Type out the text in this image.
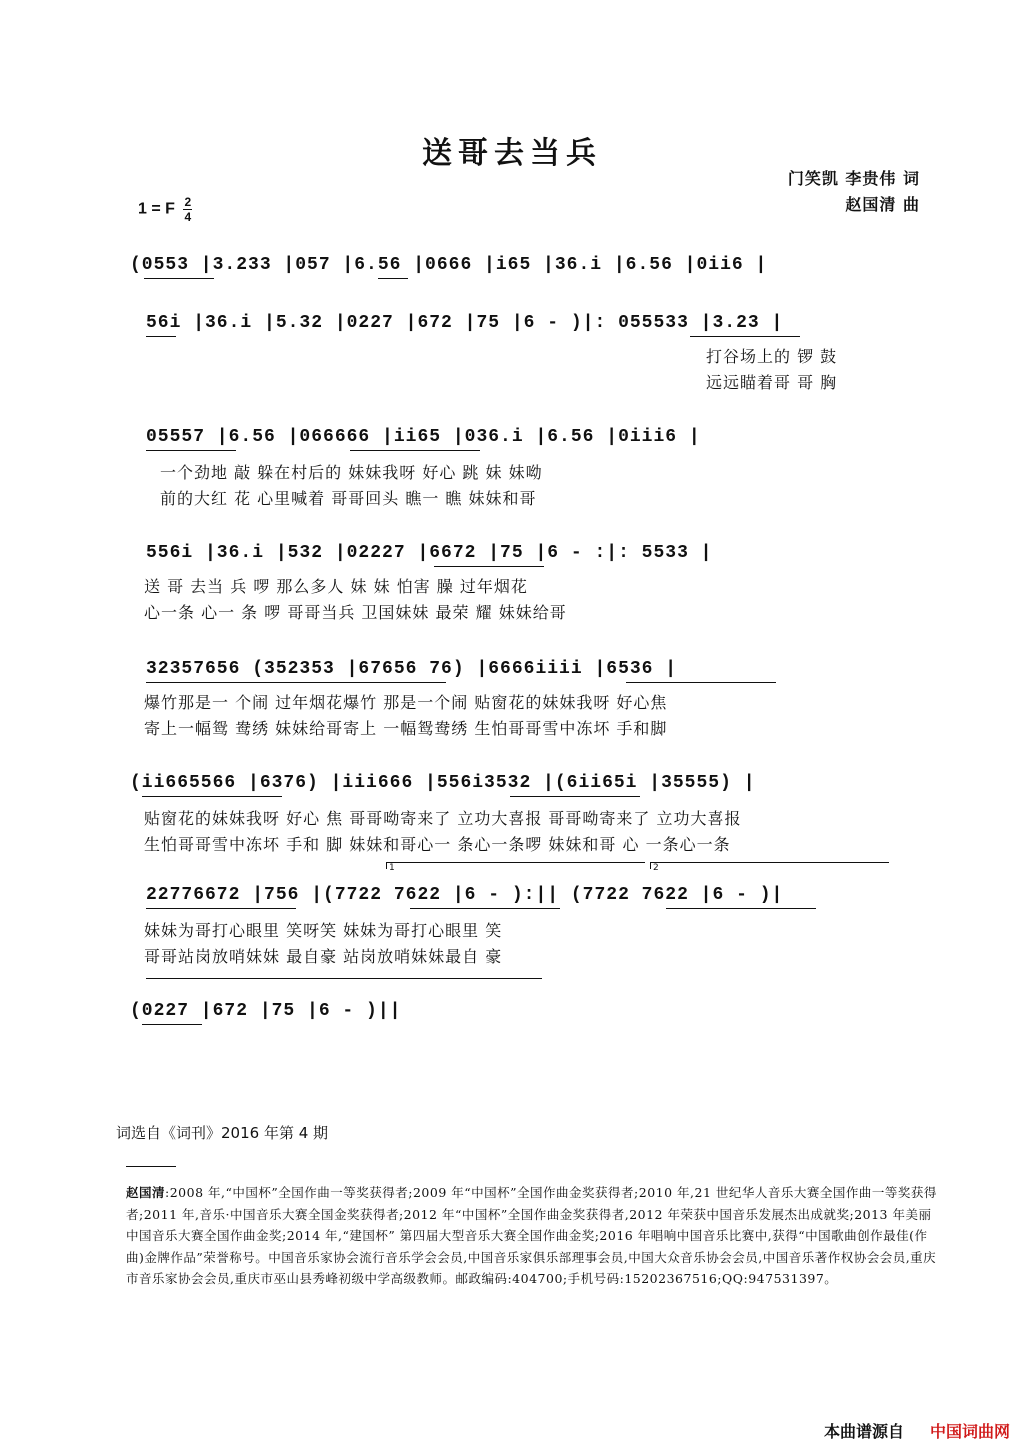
送哥去当兵
门笑凯 李贵伟 词
赵国清 曲
1 = F $\frac{2}{4}$
(0553 |3.233 |057 |6.56 |0666 |i65 |36.i |6.56 |0ii6 |
56i |36.i |5.32 |0227 |672 |75 |6 - )|: 055533 |3.23 |
打谷场上的 锣 鼓
远远瞄着哥 哥 胸
05557 |6.56 |066666 |ii65 |036.i |6.56 |0iii6 |
一个劲地 敲 躲在村后的 妹妹我呀 好心 跳 妹 妹呦
前的大红 花 心里喊着 哥哥回头 瞧一 瞧 妹妹和哥
556i |36.i |532 |02227 |6672 |75 |6 - :|: 5533 |
送 哥 去当 兵 啰 那么多人 妹 妹 怕害 臊 过年烟花
心一条 心一 条 啰 哥哥当兵 卫国妹妹 最荣 耀 妹妹给哥
32357656 (352353 |67656 76) |6666iiii |6536 |
爆竹那是一 个闹 过年烟花爆竹 那是一个闹 贴窗花的妹妹我呀 好心焦
寄上一幅鸳 鸯绣 妹妹给哥寄上 一幅鸳鸯绣 生怕哥哥雪中冻坏 手和脚
(ii665566 |6376) |iii666 |556i3532 |(6ii65i |35555) |
贴窗花的妹妹我呀 好心 焦 哥哥呦寄来了 立功大喜报 哥哥呦寄来了 立功大喜报
生怕哥哥雪中冻坏 手和 脚 妹妹和哥心一 条心一条啰 妹妹和哥 心 一条心一条
1	2
22776672 |756 |(7722 7622 |6 - ):|| (7722 7622 |6 - )|
妹妹为哥打心眼里 笑呀笑 妹妹为哥打心眼里 笑
哥哥站岗放哨妹妹 最自豪 站岗放哨妹妹最自 豪
(0227 |672 |75 |6 - )||
词选自《词刊》2016 年第 4 期
赵国清:2008 年,“中国杯”全国作曲一等奖获得者;2009 年“中国杯”全国作曲金奖获得者;2010 年,21 世纪华人音乐大赛全国作曲一等奖获得者;2011 年,音乐·中国音乐大赛全国金奖获得者;2012 年“中国杯”全国作曲金奖获得者,2012 年荣获中国音乐发展杰出成就奖;2013 年美丽中国音乐大赛全国作曲金奖;2014 年,“建国杯” 第四届大型音乐大赛全国作曲金奖;2016 年唱响中国音乐比赛中,获得“中国歌曲创作最佳(作曲)金牌作品”荣誉称号。中国音乐家协会流行音乐学会会员,中国音乐家俱乐部理事会员,中国大众音乐协会会员,中国音乐著作权协会会员,重庆市音乐家协会会员,重庆市巫山县秀峰初级中学高级教师。邮政编码:404700;手机号码:15202367516;QQ:947531397。
本曲谱源自 中国词曲网
